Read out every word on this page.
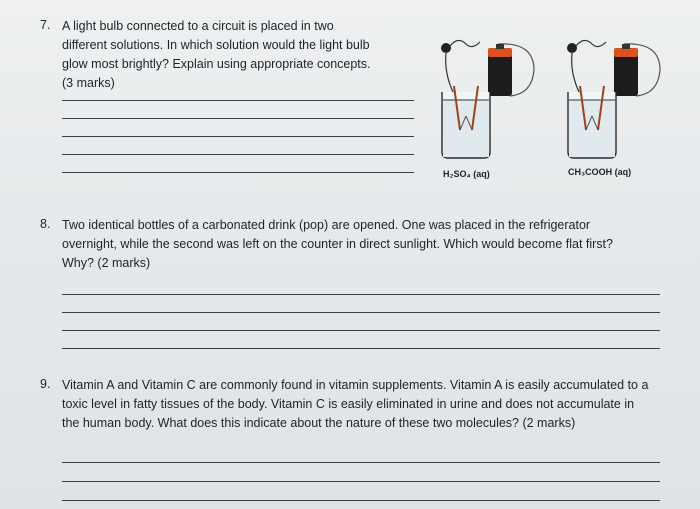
7. A light bulb connected to a circuit is placed in two
different solutions. In which solution would the light bulb
glow most brightly? Explain using appropriate concepts.
(3 marks)
H₂SO₄ (aq)	CH₃COOH (aq)
8. Two identical bottles of a carbonated drink (pop) are opened. One was placed in the refrigerator
overnight, while the second was left on the counter in direct sunlight. Which would become flat first?
Why? (2 marks)
9. Vitamin A and Vitamin C are commonly found in vitamin supplements. Vitamin A is easily accumulated to a
toxic level in fatty tissues of the body. Vitamin C is easily eliminated in urine and does not accumulate in
the human body. What does this indicate about the nature of these two molecules? (2 marks)
